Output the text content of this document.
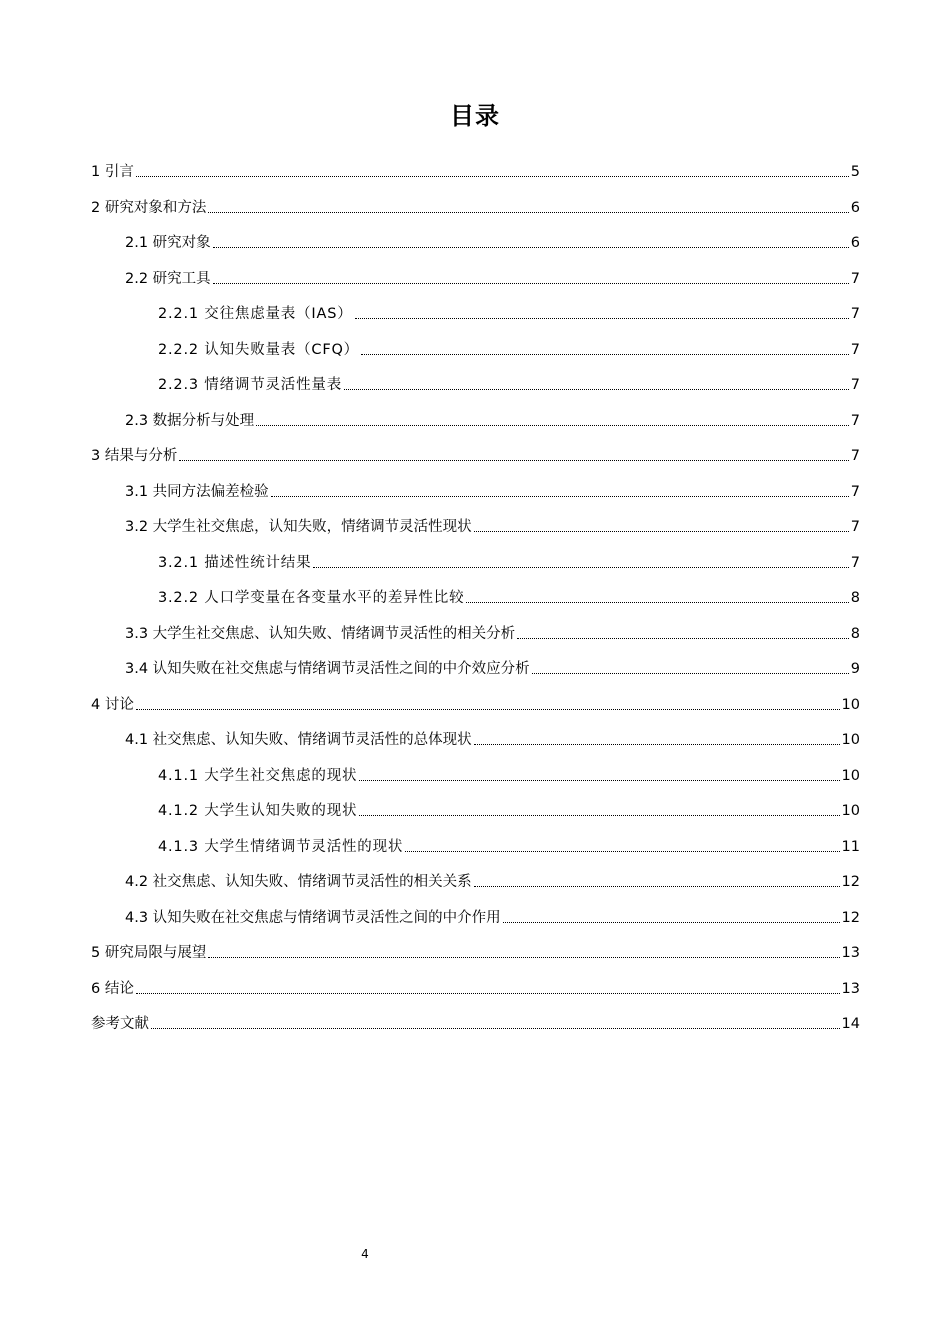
目录
1 引言	5
2 研究对象和方法	6
2.1 研究对象	6
2.2 研究工具	7
2.2.1 交往焦虑量表（IAS）	7
2.2.2 认知失败量表（CFQ）	7
2.2.3 情绪调节灵活性量表	7
2.3 数据分析与处理	7
3 结果与分析	7
3.1 共同方法偏差检验	7
3.2 大学生社交焦虑，认知失败，情绪调节灵活性现状	7
3.2.1 描述性统计结果	7
3.2.2 人口学变量在各变量水平的差异性比较	8
3.3 大学生社交焦虑、认知失败、情绪调节灵活性的相关分析	8
3.4 认知失败在社交焦虑与情绪调节灵活性之间的中介效应分析	9
4 讨论	10
4.1 社交焦虑、认知失败、情绪调节灵活性的总体现状	10
4.1.1 大学生社交焦虑的现状	10
4.1.2 大学生认知失败的现状	10
4.1.3 大学生情绪调节灵活性的现状	11
4.2 社交焦虑、认知失败、情绪调节灵活性的相关关系	12
4.3 认知失败在社交焦虑与情绪调节灵活性之间的中介作用	12
5 研究局限与展望	13
6 结论	13
参考文献	14
4
